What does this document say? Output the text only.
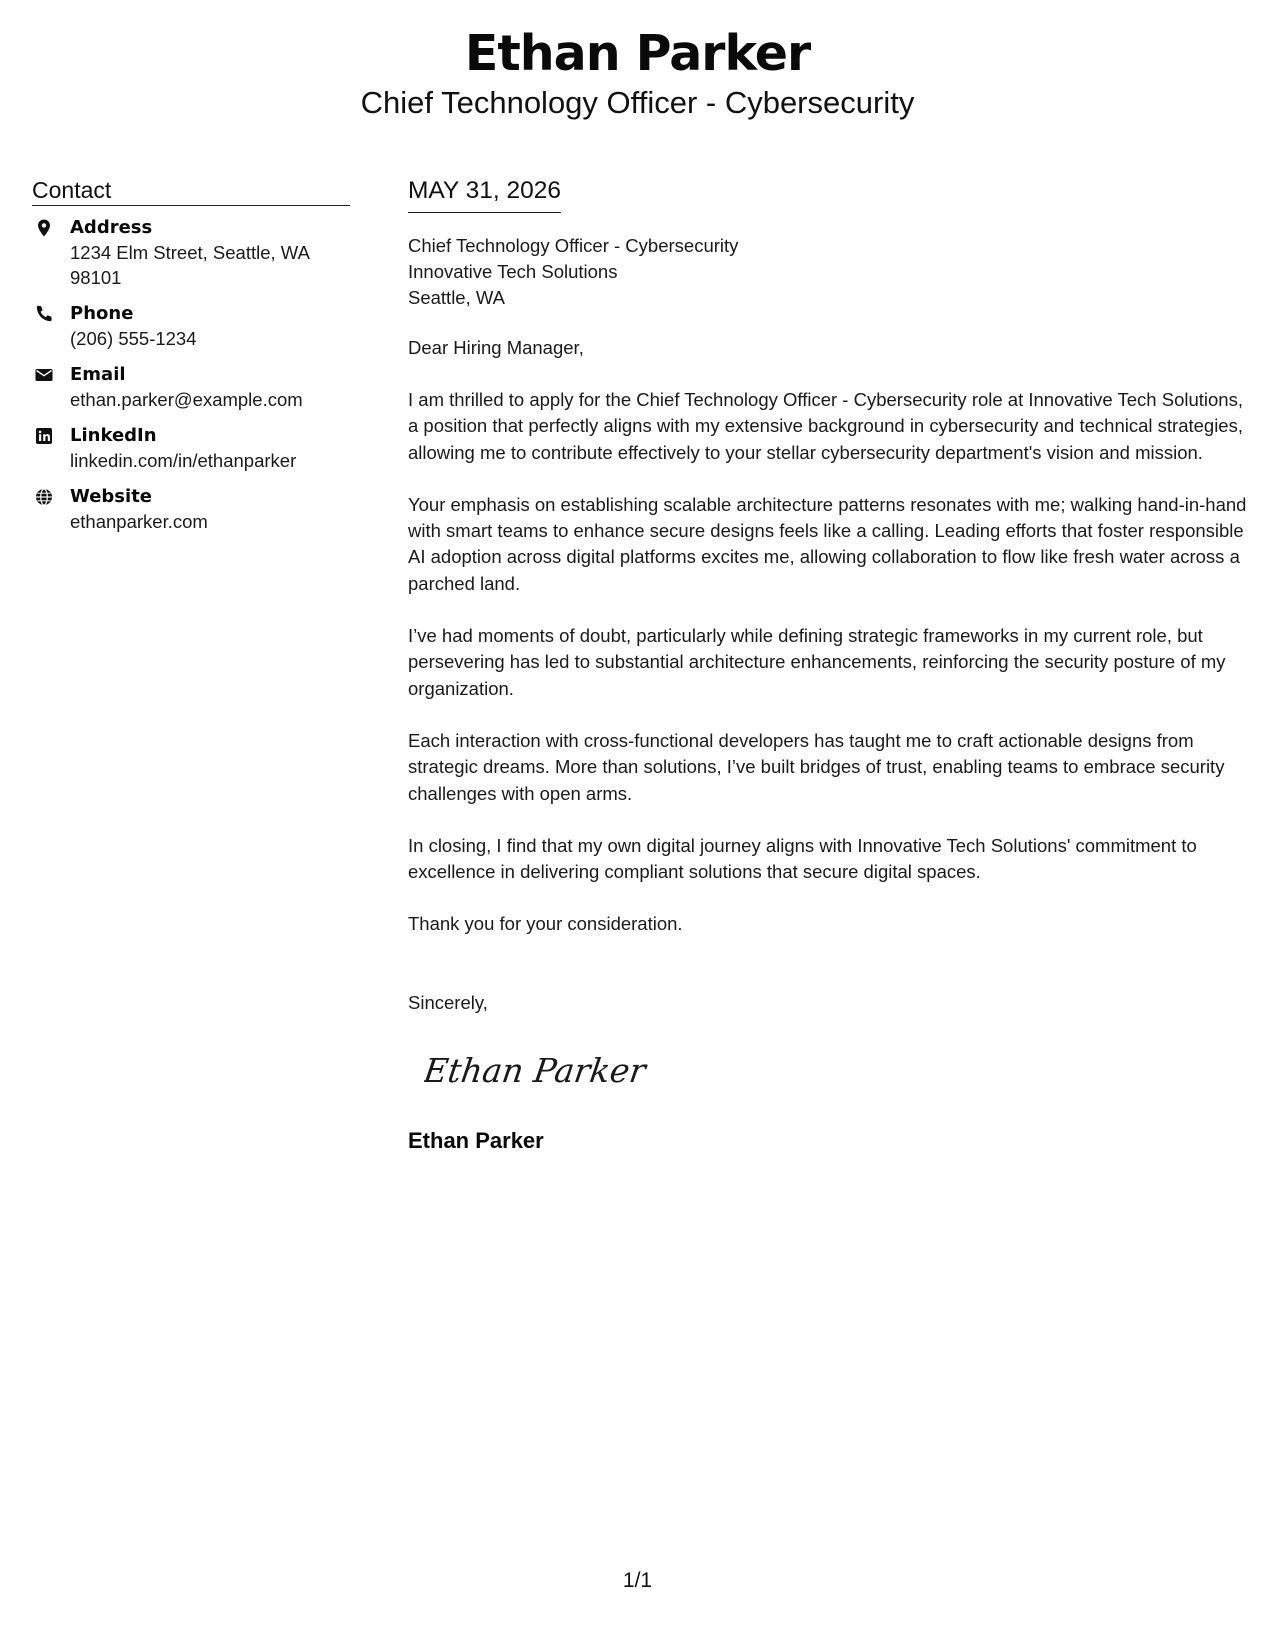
Ethan Parker
Chief Technology Officer - Cybersecurity
Contact
Address
1234 Elm Street, Seattle, WA 98101
Phone
(206) 555-1234
Email
ethan.parker@example.com
LinkedIn
linkedin.com/in/ethanparker
Website
ethanparker.com
MAY 31, 2026
Chief Technology Officer - Cybersecurity
Innovative Tech Solutions
Seattle, WA
Dear Hiring Manager,
I am thrilled to apply for the Chief Technology Officer - Cybersecurity role at Innovative Tech Solutions, a position that perfectly aligns with my extensive background in cybersecurity and technical strategies, allowing me to contribute effectively to your stellar cybersecurity department's vision and mission.
Your emphasis on establishing scalable architecture patterns resonates with me; walking hand-in-hand with smart teams to enhance secure designs feels like a calling. Leading efforts that foster responsible AI adoption across digital platforms excites me, allowing collaboration to flow like fresh water across a parched land.
I’ve had moments of doubt, particularly while defining strategic frameworks in my current role, but persevering has led to substantial architecture enhancements, reinforcing the security posture of my organization.
Each interaction with cross-functional developers has taught me to craft actionable designs from strategic dreams. More than solutions, I’ve built bridges of trust, enabling teams to embrace security challenges with open arms.
In closing, I find that my own digital journey aligns with Innovative Tech Solutions' commitment to excellence in delivering compliant solutions that secure digital spaces.
Thank you for your consideration.
Sincerely,
Ethan Parker
Ethan Parker
1/1
